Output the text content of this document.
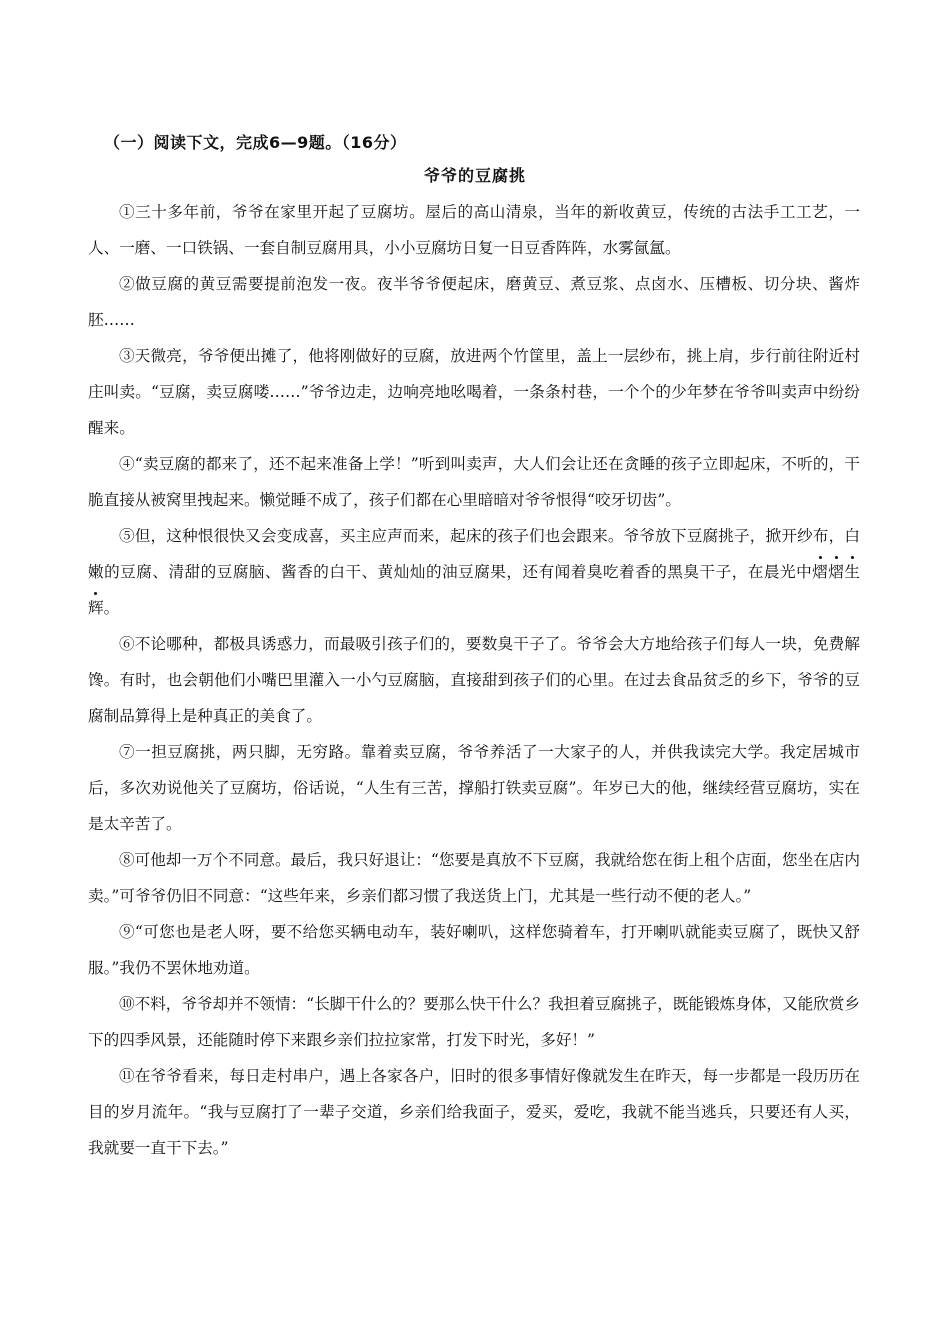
（一）阅读下文，完成6—9题。（16分）
爷爷的豆腐挑

①三十多年前，爷爷在家里开起了豆腐坊。屋后的高山清泉，当年的新收黄豆，传统的古法手工工艺，一人、一磨、一口铁锅、一套自制豆腐用具，小小豆腐坊日复一日豆香阵阵，水雾氤氲。

②做豆腐的黄豆需要提前泡发一夜。夜半爷爷便起床，磨黄豆、煮豆浆、点卤水、压槽板、切分块、酱炸胚……

③天微亮，爷爷便出摊了，他将刚做好的豆腐，放进两个竹筐里，盖上一层纱布，挑上肩，步行前往附近村庄叫卖。“豆腐，卖豆腐喽……”爷爷边走，边响亮地吆喝着，一条条村巷，一个个的少年梦在爷爷叫卖声中纷纷醒来。

④“卖豆腐的都来了，还不起来准备上学！”听到叫卖声，大人们会让还在贪睡的孩子立即起床，不听的，干脆直接从被窝里拽起来。懒觉睡不成了，孩子们都在心里暗暗对爷爷恨得“咬牙切齿”。

⑤但，这种恨很快又会变成喜，买主应声而来，起床的孩子们也会跟来。爷爷放下豆腐挑子，掀开纱布，白嫩的豆腐、清甜的豆腐脑、酱香的白干、黄灿灿的油豆腐果，还有闻着臭吃着香的黑臭干子，在晨光中熠熠生辉。

⑥不论哪种，都极具诱惑力，而最吸引孩子们的，要数臭干子了。爷爷会大方地给孩子们每人一块，免费解馋。有时，也会朝他们小嘴巴里灌入一小勺豆腐脑，直接甜到孩子们的心里。在过去食品贫乏的乡下，爷爷的豆腐制品算得上是种真正的美食了。

⑦一担豆腐挑，两只脚，无穷路。靠着卖豆腐，爷爷养活了一大家子的人，并供我读完大学。我定居城市后，多次劝说他关了豆腐坊，俗话说，“人生有三苦，撑船打铁卖豆腐”。年岁已大的他，继续经营豆腐坊，实在是太辛苦了。

⑧可他却一万个不同意。最后，我只好退让：“您要是真放不下豆腐，我就给您在街上租个店面，您坐在店内卖。”可爷爷仍旧不同意：“这些年来，乡亲们都习惯了我送货上门，尤其是一些行动不便的老人。”

⑨“可您也是老人呀，要不给您买辆电动车，装好喇叭，这样您骑着车，打开喇叭就能卖豆腐了，既快又舒服。”我仍不罢休地劝道。

⑩不料，爷爷却并不领情：“长脚干什么的？要那么快干什么？我担着豆腐挑子，既能锻炼身体，又能欣赏乡下的四季风景，还能随时停下来跟乡亲们拉拉家常，打发下时光，多好！”

⑪在爷爷看来，每日走村串户，遇上各家各户，旧时的很多事情好像就发生在昨天，每一步都是一段历历在目的岁月流年。“我与豆腐打了一辈子交道，乡亲们给我面子，爱买，爱吃，我就不能当逃兵，只要还有人买，我就要一直干下去。”
